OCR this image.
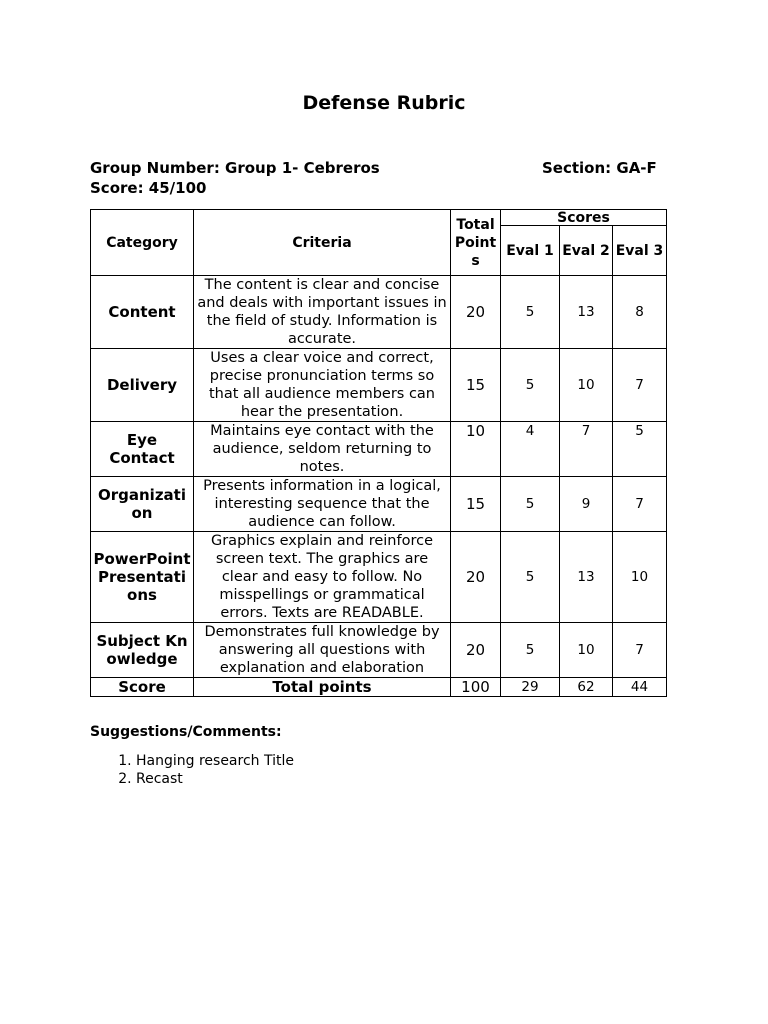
Defense Rubric
Group Number: Group 1- Cebreros	Section: GA-F
Score: 45/100
Category	Criteria	Total Points	Scores		
			Eval 1	Eval 2	Eval 3
Content	The content is clear and concise and deals with important issues in the field of study. Information is accurate.	20	5	13	8
Delivery	Uses a clear voice and correct, precise pronunciation terms so that all audience members can hear the presentation.	15	5	10	7
Eye Contact	Maintains eye contact with the audience, seldom returning to notes.	10	4	7	5
Organization	Presents information in a logical, interesting sequence that the audience can follow.	15	5	9	7
PowerPoint Presentations	Graphics explain and reinforce screen text. The graphics are clear and easy to follow. No misspellings or grammatical errors. Texts are READABLE.	20	5	13	10
Subject Knowledge	Demonstrates full knowledge by answering all questions with explanation and elaboration	20	5	10	7
Score	Total points	100	29	62	44
Suggestions/Comments:
1. Hanging research Title
2. Recast
